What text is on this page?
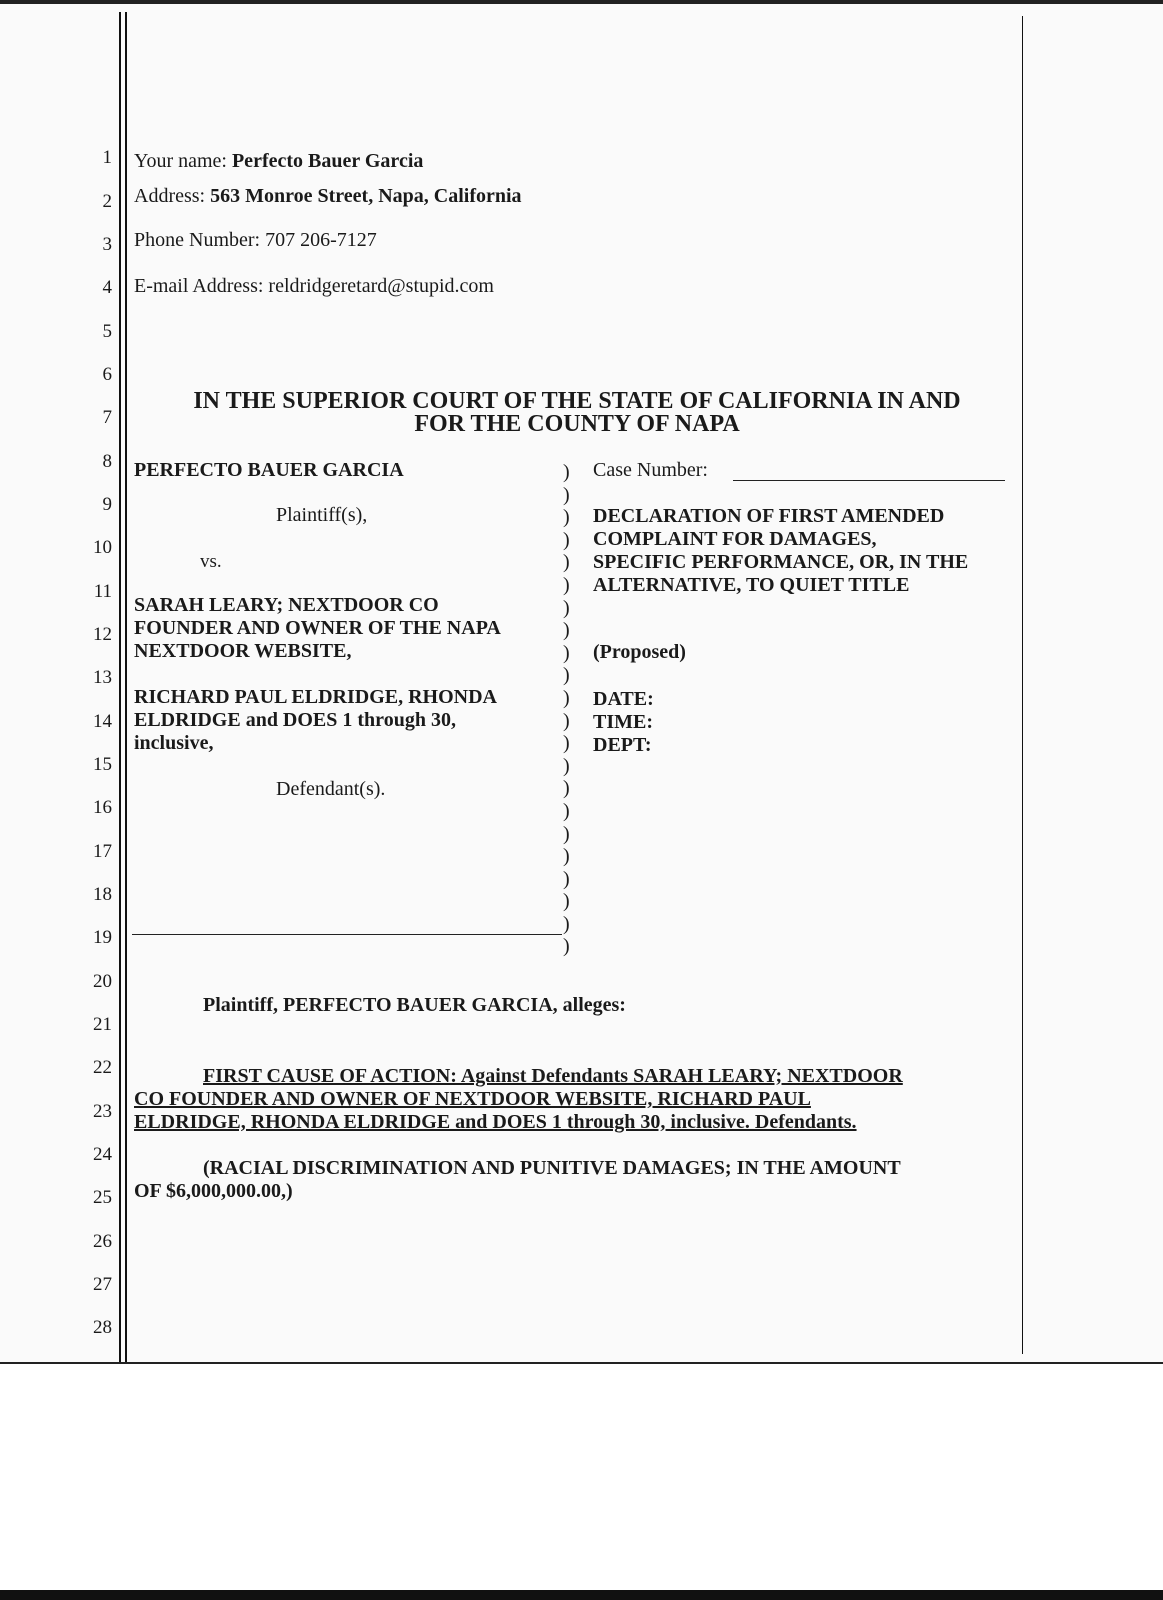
1
2
3
4
5
6
7
8
9
10
11
12
13
14
15
16
17
18
19
20
21
22
23
24
25
26
27
28
Your name: Perfecto Bauer Garcia
Address: 563 Monroe Street, Napa, California
Phone Number: 707 206-7127
E-mail Address: reldridgeretard@stupid.com
IN THE SUPERIOR COURT OF THE STATE OF CALIFORNIA IN AND
FOR THE COUNTY OF NAPA
PERFECTO BAUER GARCIA
Plaintiff(s),
vs.
SARAH LEARY; NEXTDOOR CO
FOUNDER AND OWNER OF THE NAPA
NEXTDOOR WEBSITE,
RICHARD PAUL ELDRIDGE, RHONDA
ELDRIDGE and DOES 1 through 30,
inclusive,
Defendant(s).
)
)
)
)
)
)
)
)
)
)
)
)
)
)
)
)
)
)
)
)
)
)
Case Number:
DECLARATION OF FIRST AMENDED
COMPLAINT FOR DAMAGES,
SPECIFIC PERFORMANCE, OR, IN THE
ALTERNATIVE, TO QUIET TITLE
(Proposed)
DATE:
TIME:
DEPT:
Plaintiff, PERFECTO BAUER GARCIA, alleges:
FIRST CAUSE OF ACTION: Against Defendants SARAH LEARY; NEXTDOOR
CO FOUNDER AND OWNER OF NEXTDOOR WEBSITE, RICHARD PAUL
ELDRIDGE, RHONDA ELDRIDGE and DOES 1 through 30, inclusive. Defendants.
(RACIAL DISCRIMINATION AND PUNITIVE DAMAGES; IN THE AMOUNT
OF $6,000,000.00,)
